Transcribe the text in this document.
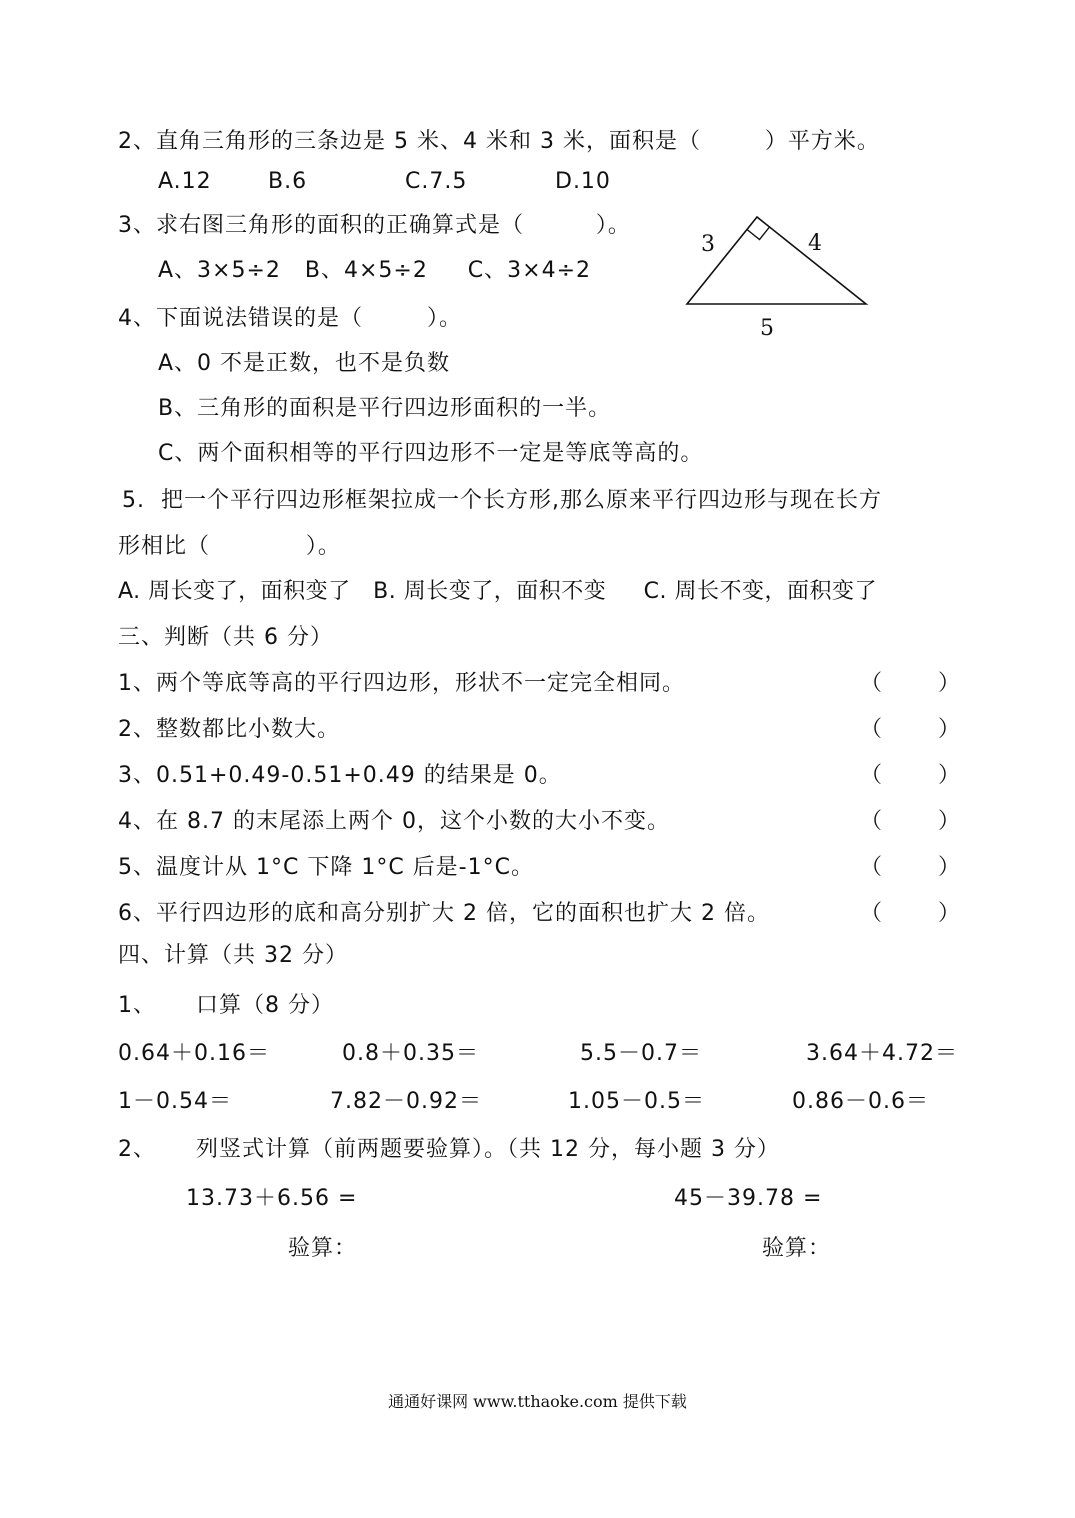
2、直角三角形的三条边是 5 米、4 米和 3 米，面积是（        ）平方米。
A.12	B.6	C.7.5	D.10
3、求右图三角形的面积的正确算式是（         ）。
A、3×5÷2   B、4×5÷2     C、3×4÷2
3	4
5
4、下面说法错误的是（        ）。
A、0 不是正数，也不是负数
B、三角形的面积是平行四边形面积的一半。
C、两个面积相等的平行四边形不一定是等底等高的。
5.  把一个平行四边形框架拉成一个长方形,那么原来平行四边形与现在长方
形相比（            ）。
A. 周长变了，面积变了   B. 周长变了，面积不变     C. 周长不变，面积变了
三、判断（共 6 分）
1、两个等底等高的平行四边形，形状不一定完全相同。	（        ）
2、整数都比小数大。	（        ）
3、0.51+0.49-0.51+0.49 的结果是 0。	（        ）
4、在 8.7 的末尾添上两个 0，这个小数的大小不变。	（        ）
5、温度计从 1°C 下降 1°C 后是-1°C。	（        ）
6、平行四边形的底和高分别扩大 2 倍，它的面积也扩大 2 倍。	（        ）
四、计算（共 32 分）
1、     口算（8 分）
0.64＋0.16＝	0.8＋0.35＝	5.5－0.7＝	3.64＋4.72＝
1－0.54＝	7.82－0.92＝	1.05－0.5＝	0.86－0.6＝
2、     列竖式计算（前两题要验算）。（共 12 分，每小题 3 分）
13.73＋6.56 =	45－39.78 =
验算：	验算：
通通好课网 www.tthaoke.com 提供下载
